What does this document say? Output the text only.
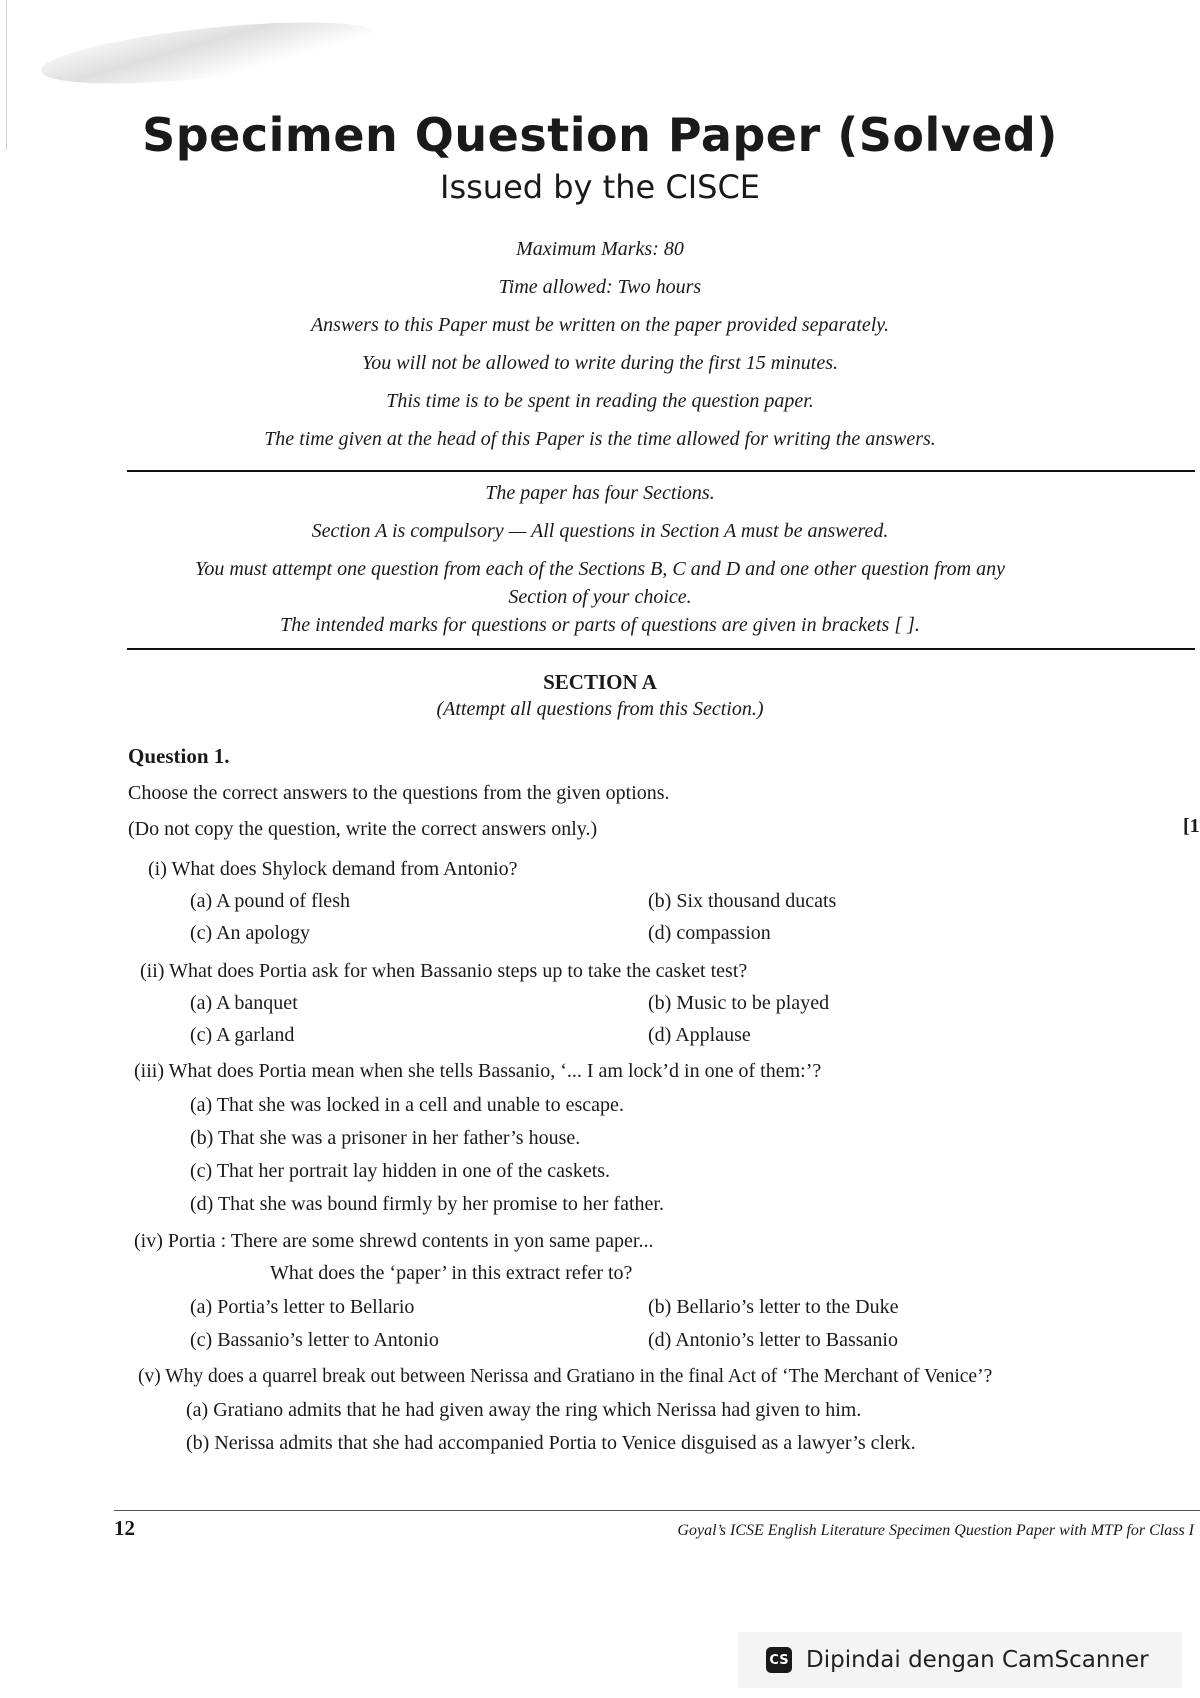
Specimen Question Paper (Solved)
Issued by the CISCE
Maximum Marks: 80
Time allowed: Two hours
Answers to this Paper must be written on the paper provided separately.
You will not be allowed to write during the first 15 minutes.
This time is to be spent in reading the question paper.
The time given at the head of this Paper is the time allowed for writing the answers.
The paper has four Sections.
Section A is compulsory — All questions in Section A must be answered.
You must attempt one question from each of the Sections B, C and D and one other question from any
Section of your choice.
The intended marks for questions or parts of questions are given in brackets [ ].
SECTION A
(Attempt all questions from this Section.)
Question 1.
Choose the correct answers to the questions from the given options.
(Do not copy the question, write the correct answers only.)	[1
(i) What does Shylock demand from Antonio?
(a) A pound of flesh	(b) Six thousand ducats
(c) An apology	(d) compassion
(ii) What does Portia ask for when Bassanio steps up to take the casket test?
(a) A banquet	(b) Music to be played
(c) A garland	(d) Applause
(iii) What does Portia mean when she tells Bassanio, ‘... I am lock’d in one of them:’?
(a) That she was locked in a cell and unable to escape.
(b) That she was a prisoner in her father’s house.
(c) That her portrait lay hidden in one of the caskets.
(d) That she was bound firmly by her promise to her father.
(iv) Portia : There are some shrewd contents in yon same paper...
What does the ‘paper’ in this extract refer to?
(a) Portia’s letter to Bellario	(b) Bellario’s letter to the Duke
(c) Bassanio’s letter to Antonio	(d) Antonio’s letter to Bassanio
(v) Why does a quarrel break out between Nerissa and Gratiano in the final Act of ‘The Merchant of Venice’?
(a) Gratiano admits that he had given away the ring which Nerissa had given to him.
(b) Nerissa admits that she had accompanied Portia to Venice disguised as a lawyer’s clerk.
12	Goyal’s ICSE English Literature Specimen Question Paper with MTP for Class I
CS Dipindai dengan CamScanner
